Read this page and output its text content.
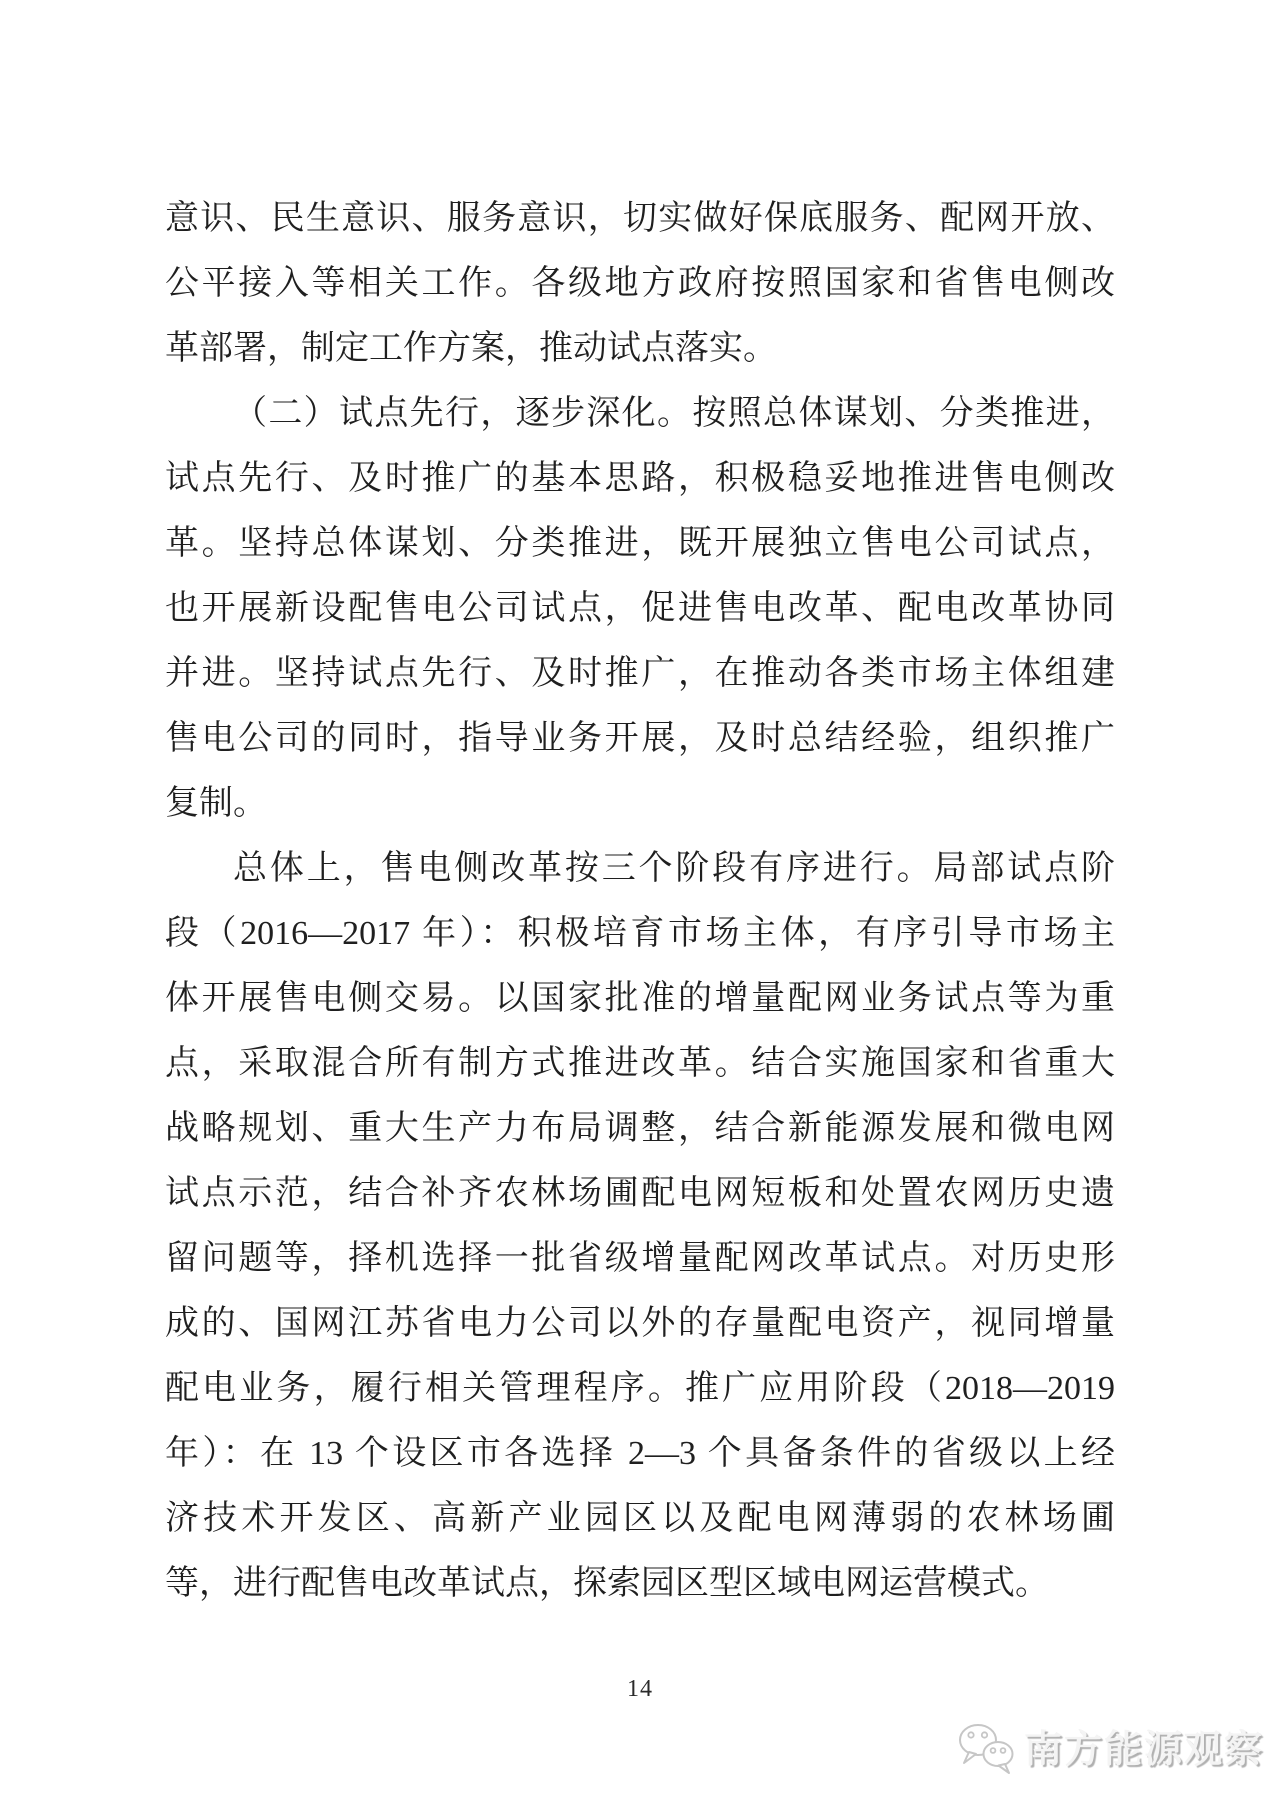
意识、民生意识、服务意识，切实做好保底服务、配网开放、
公平接入等相关工作。各级地方政府按照国家和省售电侧改
革部署，制定工作方案，推动试点落实。
（二）试点先行，逐步深化。按照总体谋划、分类推进，
试点先行、及时推广的基本思路，积极稳妥地推进售电侧改
革。坚持总体谋划、分类推进，既开展独立售电公司试点，
也开展新设配售电公司试点，促进售电改革、配电改革协同
并进。坚持试点先行、及时推广，在推动各类市场主体组建
售电公司的同时，指导业务开展，及时总结经验，组织推广
复制。
总体上，售电侧改革按三个阶段有序进行。局部试点阶
段（2016—2017 年）：积极培育市场主体，有序引导市场主
体开展售电侧交易。以国家批准的增量配网业务试点等为重
点，采取混合所有制方式推进改革。结合实施国家和省重大
战略规划、重大生产力布局调整，结合新能源发展和微电网
试点示范，结合补齐农林场圃配电网短板和处置农网历史遗
留问题等，择机选择一批省级增量配网改革试点。对历史形
成的、国网江苏省电力公司以外的存量配电资产，视同增量
配电业务，履行相关管理程序。推广应用阶段（2018—2019
年）：在 13 个设区市各选择 2—3 个具备条件的省级以上经
济技术开发区、高新产业园区以及配电网薄弱的农林场圃
等，进行配售电改革试点，探索园区型区域电网运营模式。
14
南方能源观察
